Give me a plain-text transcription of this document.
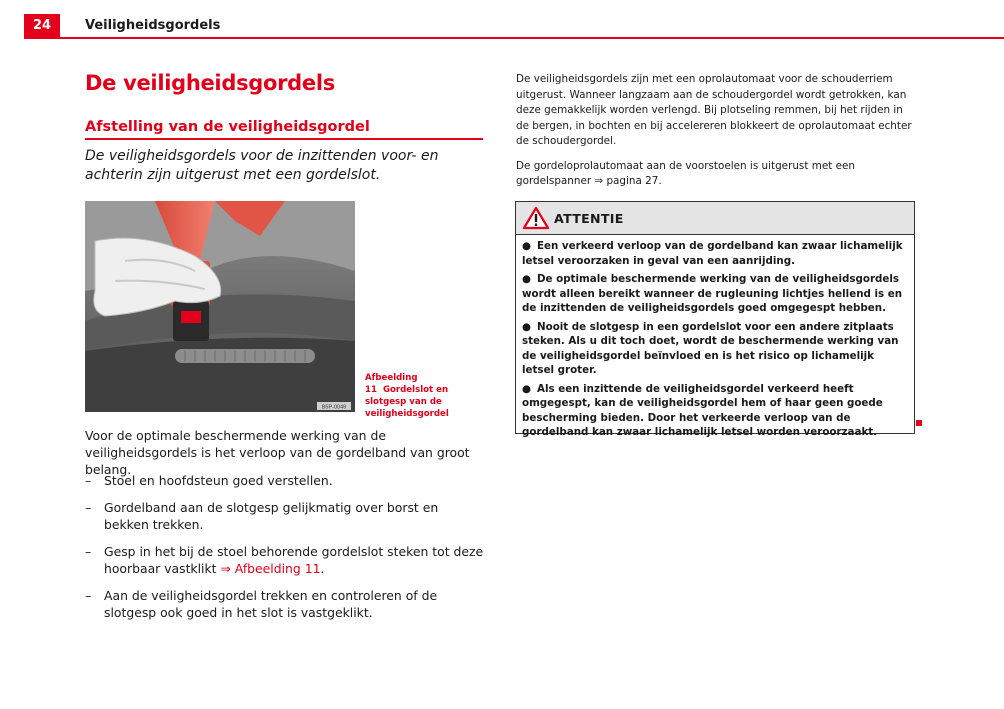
24	Veiligheidsgordels
De veiligheidsgordels
Afstelling van de veiligheidsgordel
De veiligheidsgordels voor de inzittenden voor- en achterin zijn uitgerust met een gordelslot.
B5P-0049
Afbeelding 11 Gordelslot en slotgesp van de veiligheidsgordel
Voor de optimale beschermende werking van de veiligheidsgordels is het verloop van de gordelband van groot belang.
– Stoel en hoofdsteun goed verstellen.
– Gordelband aan de slotgesp gelijkmatig over borst en bekken trekken.
– Gesp in het bij de stoel behorende gordelslot steken tot deze hoorbaar vastklikt ⇒ Afbeelding 11.
– Aan de veiligheidsgordel trekken en controleren of de slotgesp ook goed in het slot is vastgeklikt.

De veiligheidsgordels zijn met een oprolautomaat voor de schouderriem uitgerust. Wanneer langzaam aan de schoudergordel wordt getrokken, kan deze gemakkelijk worden verlengd. Bij plotseling remmen, bij het rijden in de bergen, in bochten en bij accelereren blokkeert de oprolautomaat echter de schoudergordel.

De gordeloprolautomaat aan de voorstoelen is uitgerust met een gordelspanner ⇒ pagina 27.

ATTENTIE

● Een verkeerd verloop van de gordelband kan zwaar lichamelijk letsel veroorzaken in geval van een aanrijding.

● De optimale beschermende werking van de veiligheidsgordels wordt alleen bereikt wanneer de rugleuning lichtjes hellend is en de inzittenden de veiligheidsgordels goed omgegespt hebben.

● Nooit de slotgesp in een gordelslot voor een andere zitplaats steken. Als u dit toch doet, wordt de beschermende werking van de veiligheidsgordel beïnvloed en is het risico op lichamelijk letsel groter.

● Als een inzittende de veiligheidsgordel verkeerd heeft omgegespt, kan de veiligheidsgordel hem of haar geen goede bescherming bieden. Door het verkeerde verloop van de gordelband kan zwaar lichamelijk letsel worden veroorzaakt.
